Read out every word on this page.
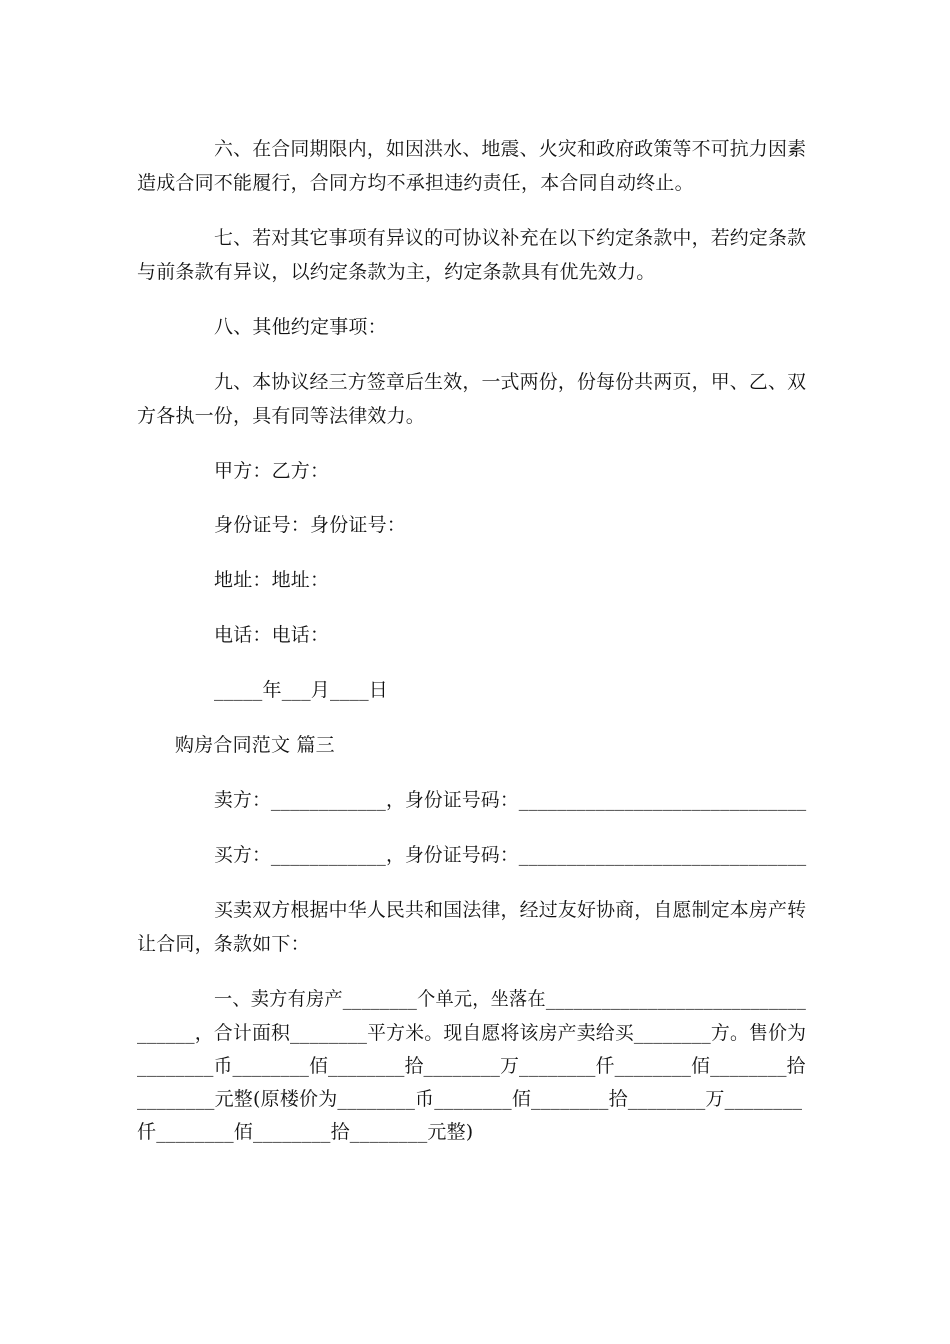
六、在合同期限内，如因洪水、地震、火灾和政府政策等不可抗力因素
造成合同不能履行，合同方均不承担违约责任，本合同自动终止。
七、若对其它事项有异议的可协议补充在以下约定条款中，若约定条款
与前条款有异议，以约定条款为主，约定条款具有优先效力。
八、其他约定事项：
九、本协议经三方签章后生效，一式两份，份每份共两页，甲、乙、双
方各执一份，具有同等法律效力。
甲方：乙方：
身份证号：身份证号：
地址：地址：
电话：电话：
_____年___月____日
购房合同范文 篇三
卖方：____________，身份证号码：______________________________
买方：____________，身份证号码：______________________________
买卖双方根据中华人民共和国法律，经过友好协商，自愿制定本房产转
让合同，条款如下：
一、卖方有房产________个单元，坐落在____________________________
______，合计面积________平方米。现自愿将该房产卖给买________方。售价为
________币________佰________拾________万________仟________佰________拾
________元整(原楼价为________币________佰________拾________万________
仟________佰________拾________元整)
